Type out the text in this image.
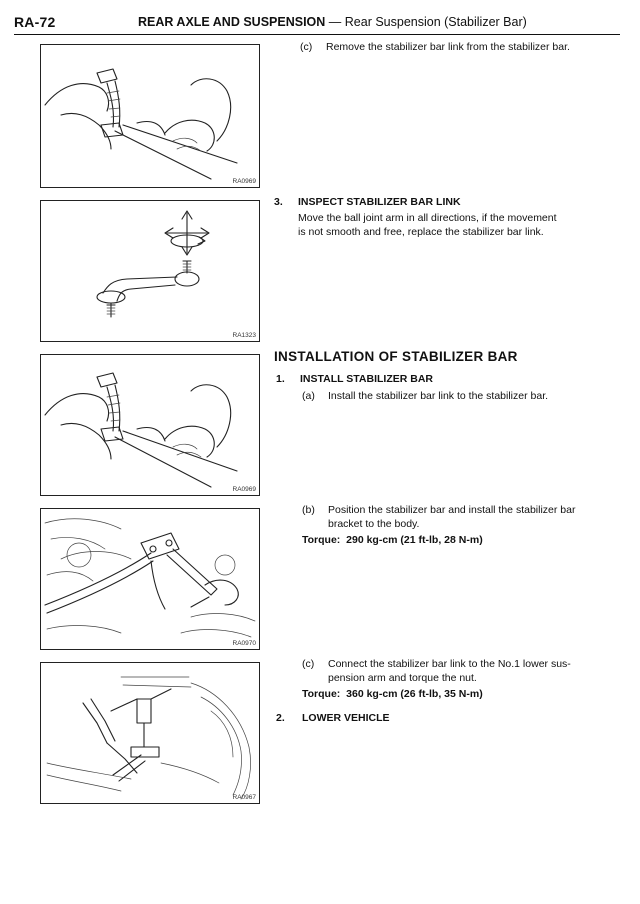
RA-72	REAR AXLE AND SUSPENSION — Rear Suspension (Stabilizer Bar)
RA0969
RA1323
RA0969
RA0970
RA0967
(c) Remove the stabilizer bar link from the stabilizer bar.
3. INSPECT STABILIZER BAR LINK
Move the ball joint arm in all directions, if the movement
is not smooth and free, replace the stabilizer bar link.
INSTALLATION OF STABILIZER BAR
1. INSTALL STABILIZER BAR
(a) Install the stabilizer bar link to the stabilizer bar.
(b) Position the stabilizer bar and install the stabilizer bar
bracket to the body.
Torque: 290 kg-cm (21 ft-lb, 28 N-m)
(c) Connect the stabilizer bar link to the No.1 lower sus-
pension arm and torque the nut.
Torque: 360 kg-cm (26 ft-lb, 35 N-m)
2. LOWER VEHICLE
